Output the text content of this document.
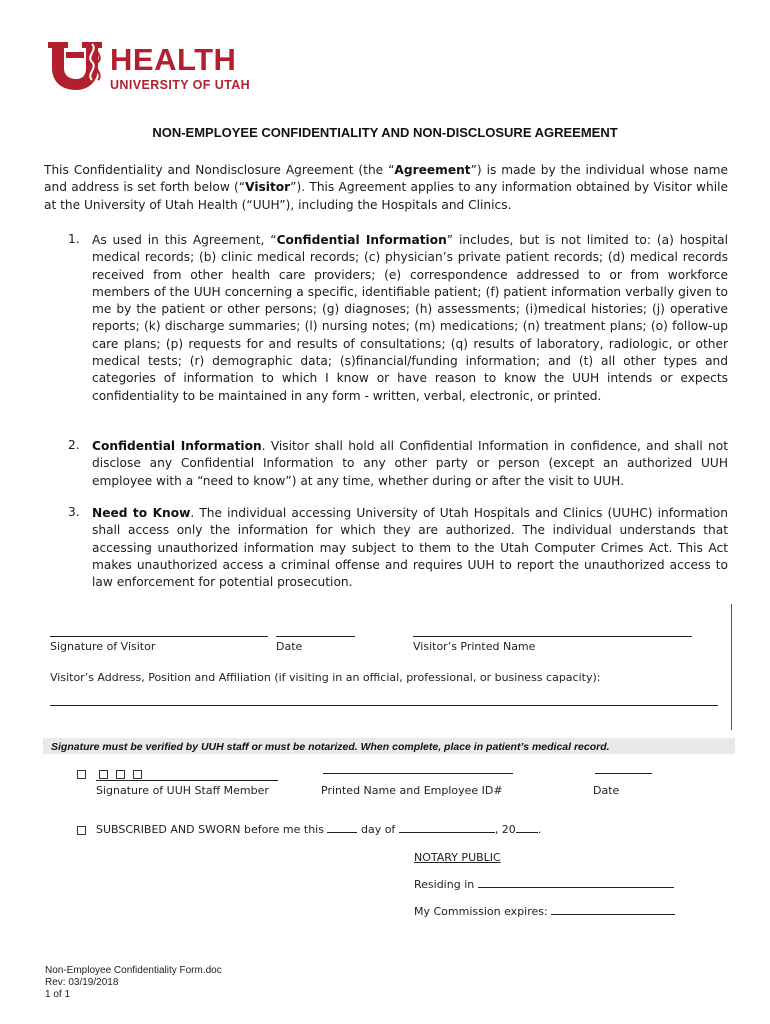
HEALTH
UNIVERSITY OF UTAH
NON-EMPLOYEE CONFIDENTIALITY AND NON-DISCLOSURE AGREEMENT
This Confidentiality and Nondisclosure Agreement (the “Agreement”) is made by the individual whose name and address is set forth below (“Visitor”). This Agreement applies to any information obtained by Visitor while at the University of Utah Health (“UUH”), including the Hospitals and Clinics.
1. As used in this Agreement, “Confidential Information” includes, but is not limited to: (a) hospital medical records; (b) clinic medical records; (c) physician’s private patient records; (d) medical records received from other health care providers; (e) correspondence addressed to or from workforce members of the UUH concerning a specific, identifiable patient; (f) patient information verbally given to me by the patient or other persons; (g) diagnoses; (h) assessments; (i)medical histories; (j) operative reports; (k) discharge summaries; (l) nursing notes; (m) medications; (n) treatment plans; (o) follow-up care plans; (p) requests for and results of consultations; (q) results of laboratory, radiologic, or other medical tests; (r) demographic data; (s)financial/funding information; and (t) all other types and categories of information to which I know or have reason to know the UUH intends or expects confidentiality to be maintained in any form - written, verbal, electronic, or printed.
2. Confidential Information. Visitor shall hold all Confidential Information in confidence, and shall not disclose any Confidential Information to any other party or person (except an authorized UUH employee with a “need to know”) at any time, whether during or after the visit to UUH.
3. Need to Know. The individual accessing University of Utah Hospitals and Clinics (UUHC) information shall access only the information for which they are authorized. The individual understands that accessing unauthorized information may subject to them to the Utah Computer Crimes Act. This Act makes unauthorized access a criminal offense and requires UUH to report the unauthorized access to law enforcement for potential prosecution.
Signature of Visitor	Date	Visitor’s Printed Name
Visitor’s Address, Position and Affiliation (if visiting in an official, professional, or business capacity):
Signature must be verified by UUH staff or must be notarized. When complete, place in patient’s medical record.
Signature of UUH Staff Member	Printed Name and Employee ID#	Date
SUBSCRIBED AND SWORN before me this	day of	, 20 .
NOTARY PUBLIC
Residing in
My Commission expires:
Non-Employee Confidentiality Form.doc
Rev: 03/19/2018
1 of 1
